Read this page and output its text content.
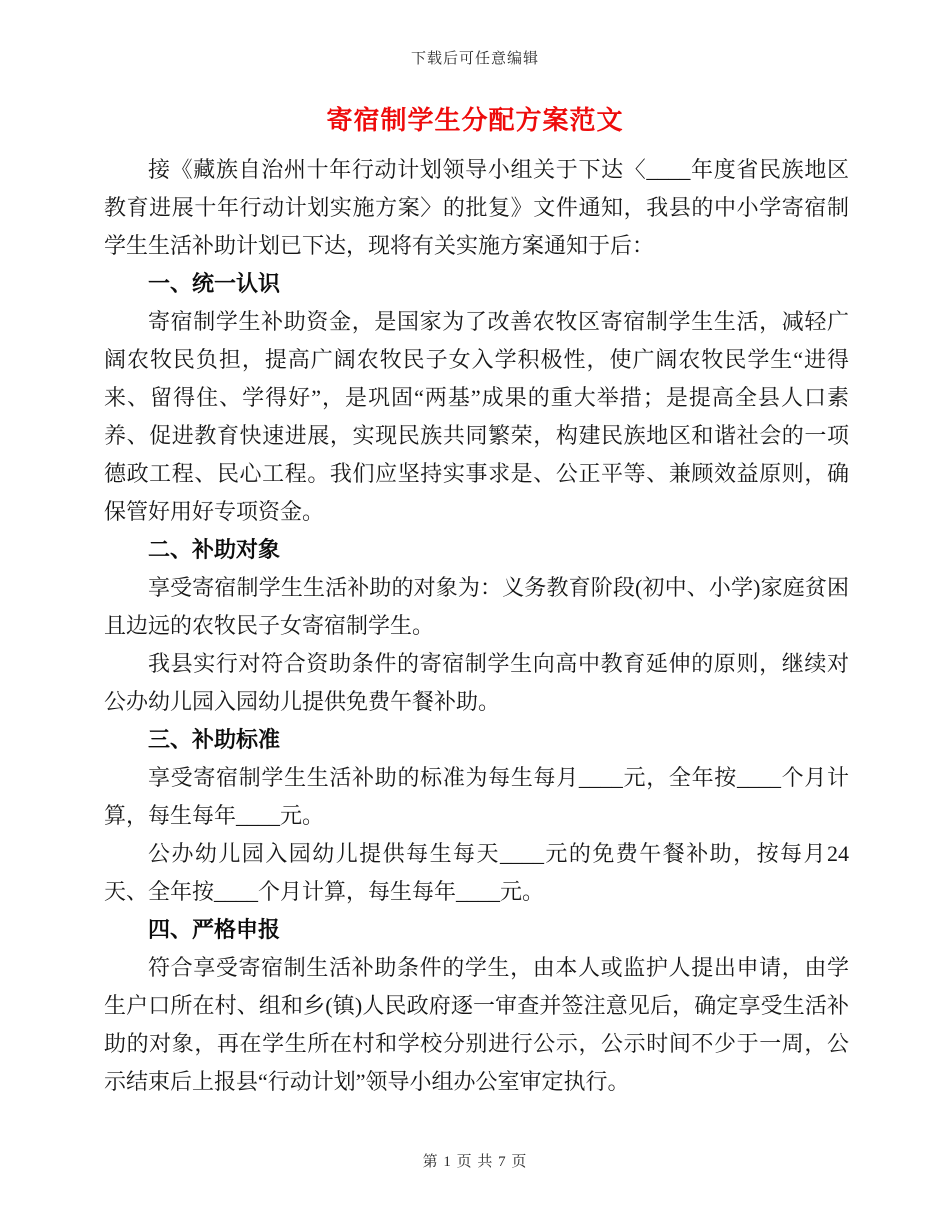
下载后可任意编辑
寄宿制学生分配方案范文

接《藏族自治州十年行动计划领导小组关于下达〈____年度省民族地区教育进展十年行动计划实施方案〉的批复》文件通知，我县的中小学寄宿制学生生活补助计划已下达，现将有关实施方案通知于后：

一、统一认识

寄宿制学生补助资金，是国家为了改善农牧区寄宿制学生生活，减轻广阔农牧民负担，提高广阔农牧民子女入学积极性，使广阔农牧民学生“进得来、留得住、学得好”，是巩固“两基”成果的重大举措；是提高全县人口素养、促进教育快速进展，实现民族共同繁荣，构建民族地区和谐社会的一项德政工程、民心工程。我们应坚持实事求是、公正平等、兼顾效益原则，确保管好用好专项资金。

二、补助对象

享受寄宿制学生生活补助的对象为：义务教育阶段(初中、小学)家庭贫困且边远的农牧民子女寄宿制学生。

我县实行对符合资助条件的寄宿制学生向高中教育延伸的原则，继续对公办幼儿园入园幼儿提供免费午餐补助。

三、补助标准

享受寄宿制学生生活补助的标准为每生每月____元，全年按____个月计算，每生每年____元。

公办幼儿园入园幼儿提供每生每天____元的免费午餐补助，按每月24天、全年按____个月计算，每生每年____元。

四、严格申报

符合享受寄宿制生活补助条件的学生，由本人或监护人提出申请，由学生户口所在村、组和乡(镇)人民政府逐一审查并签注意见后，确定享受生活补助的对象，再在学生所在村和学校分别进行公示，公示时间不少于一周，公示结束后上报县“行动计划”领导小组办公室审定执行。

第 1 页 共 7 页
